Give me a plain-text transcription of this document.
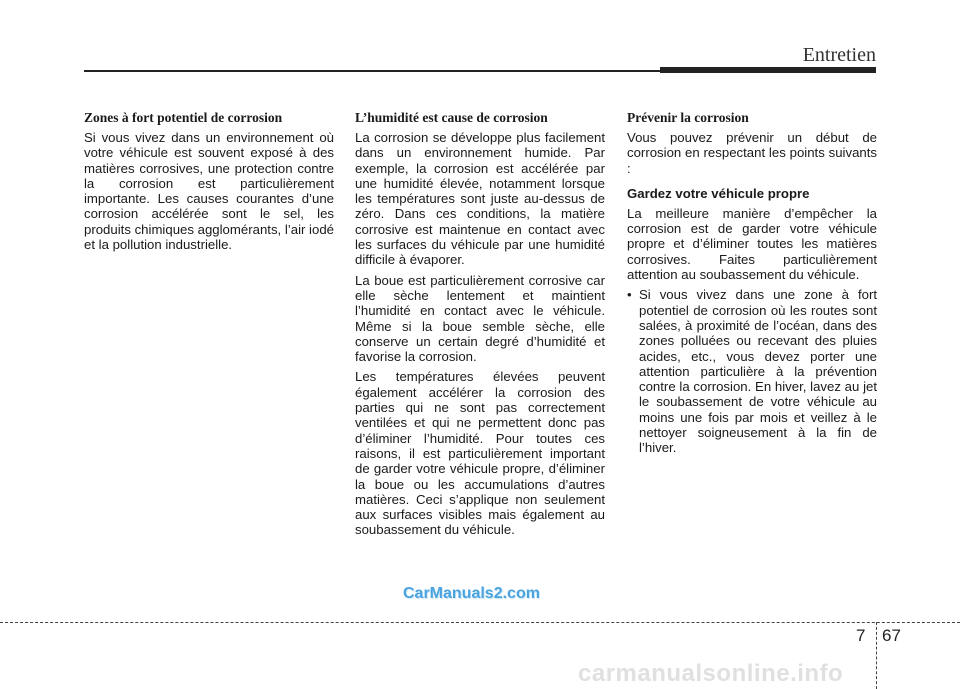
Entretien
Zones à fort potentiel de corrosion

Si vous vivez dans un environnement où votre véhicule est souvent exposé à des matières corrosives, une protection contre la corrosion est particulièrement importante. Les causes courantes d’une corrosion accélérée sont le sel, les produits chimiques agglomérants, l’air iodé et la pollution industrielle.

L’humidité est cause de corrosion

La corrosion se développe plus facilement dans un environnement humide. Par exemple, la corrosion est accélérée par une humidité élevée, notamment lorsque les températures sont juste au-dessus de zéro. Dans ces conditions, la matière corrosive est maintenue en contact avec les surfaces du véhicule par une humidité difficile à évaporer.

La boue est particulièrement corrosive car elle sèche lentement et maintient l’humidité en contact avec le véhicule. Même si la boue semble sèche, elle conserve un certain degré d’humidité et favorise la corrosion.

Les températures élevées peuvent également accélérer la corrosion des parties qui ne sont pas correctement ventilées et qui ne permettent donc pas d’éliminer l’humidité. Pour toutes ces raisons, il est particulièrement important de garder votre véhicule propre, d’éliminer la boue ou les accumulations d’autres matières. Ceci s’applique non seulement aux surfaces visibles mais également au soubassement du véhicule.

Prévenir la corrosion

Vous pouvez prévenir un début de corrosion en respectant les points suivants :

Gardez votre véhicule propre

La meilleure manière d’empêcher la corrosion est de garder votre véhicule propre et d’éliminer toutes les matières corrosives. Faites particulièrement attention au soubassement du véhicule.

• Si vous vivez dans une zone à fort potentiel de corrosion où les routes sont salées, à proximité de l’océan, dans des zones polluées ou recevant des pluies acides, etc., vous devez porter une attention particulière à la prévention contre la corrosion. En hiver, lavez au jet le soubassement de votre véhicule au moins une fois par mois et veillez à le nettoyer soigneusement à la fin de l’hiver.
CarManuals2.com
7 67
carmanualsonline.info
